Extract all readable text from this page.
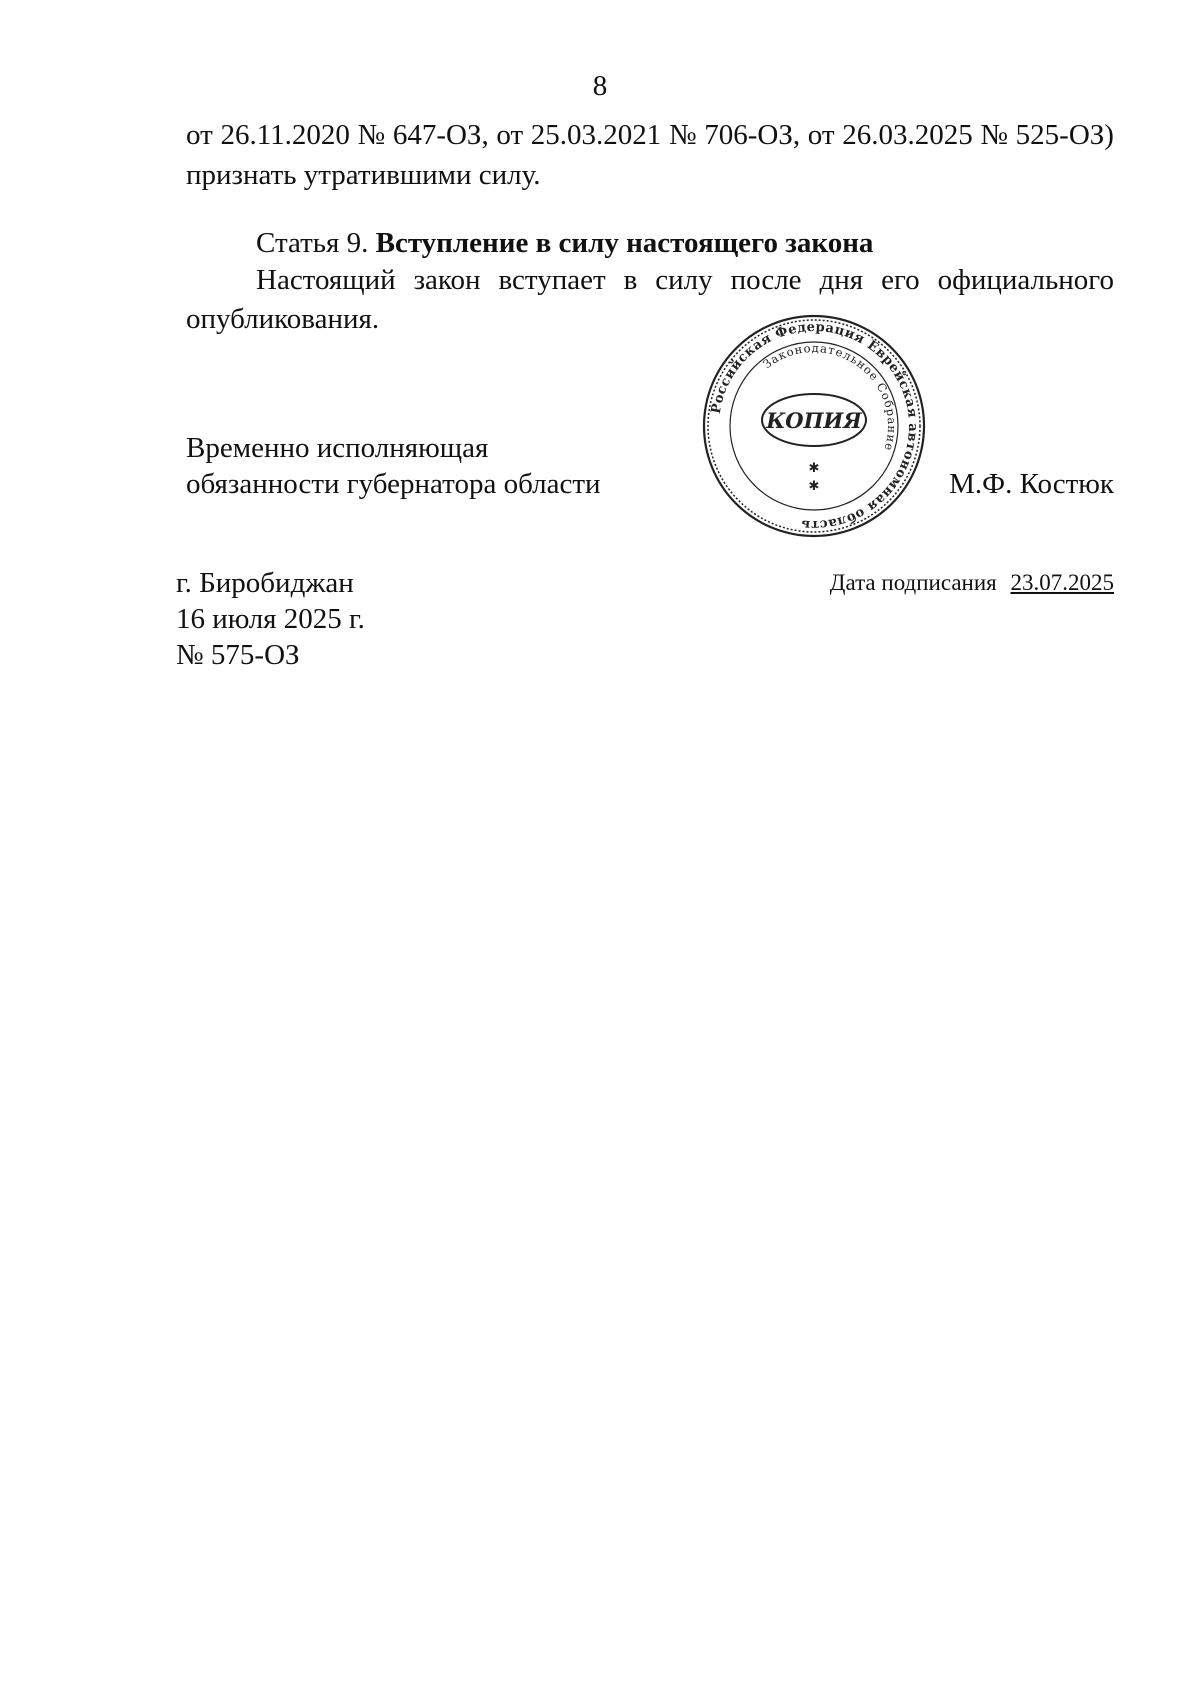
8
от 26.11.2020 № 647-ОЗ, от 25.03.2021 № 706-ОЗ, от 26.03.2025 № 525-ОЗ)
признать утратившими силу.
Статья 9. Вступление в силу настоящего закона
Настоящий закон вступает в силу после дня его официального
опубликования.
Российская Федерация Еврейская автономная область
Законодательное Собрание
КОПИЯ
✱
✱
Временно исполняющая
обязанности губернатора области	М.Ф. Костюк
г. Биробиджан
16 июля 2025 г.
№ 575-ОЗ
Дата подписания 23.07.2025
